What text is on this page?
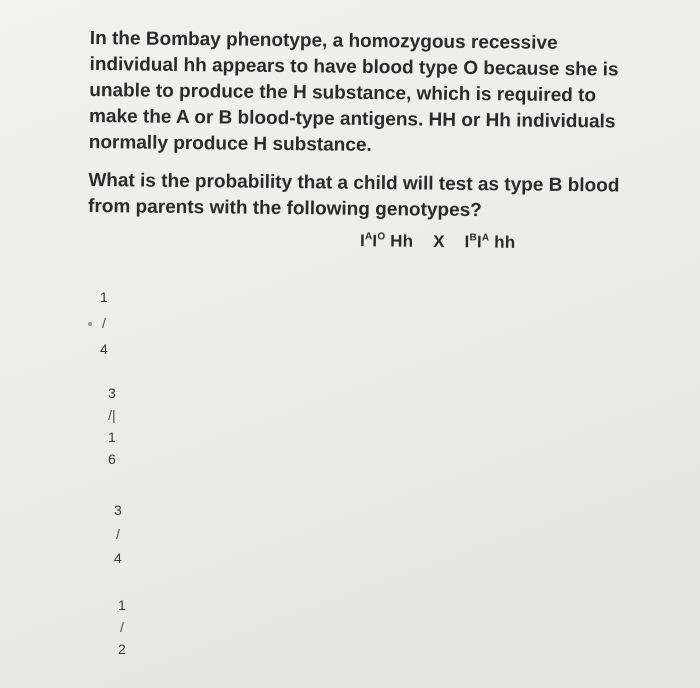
In the Bombay phenotype, a homozygous recessive individual hh appears to have blood type O because she is unable to produce the H substance, which is required to make the A or B blood-type antigens. HH or Hh individuals normally produce H substance.

What is the probability that a child will test as type B blood from parents with the following genotypes?

$I^AI^O$ Hh X $I^BI^A$ hh
1
/
4
3
/|
1
6
3
/
4
1
/
2
